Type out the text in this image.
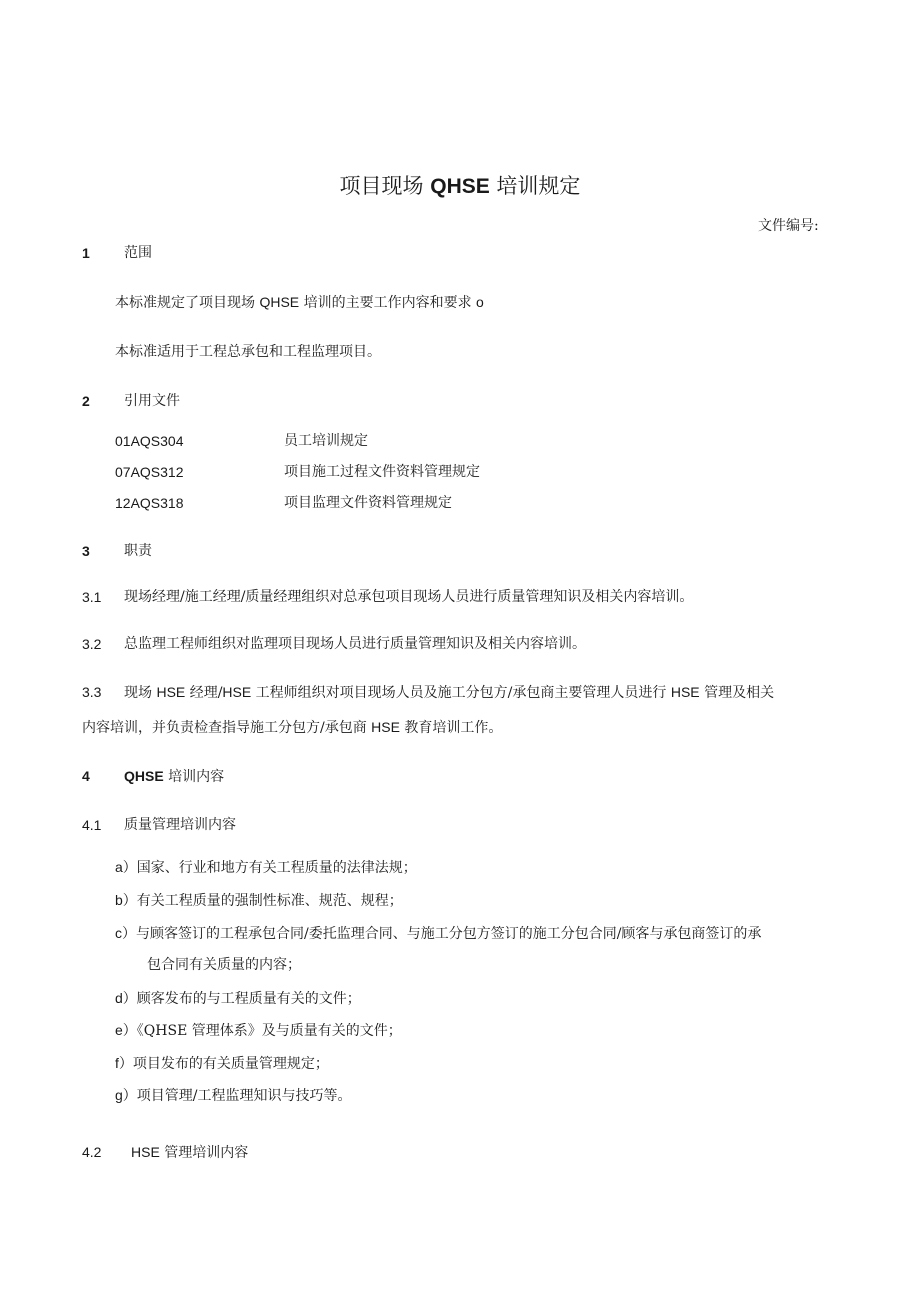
项目现场 QHSE 培训规定
文件编号:
1 范围
本标准规定了项目现场 QHSE 培训的主要工作内容和要求 o
本标准适用于工程总承包和工程监理项目。
2 引用文件
01AQS304	员工培训规定
07AQS312	项目施工过程文件资料管理规定
12AQS318	项目监理文件资料管理规定
3 职责
3.1 现场经理/施工经理/质量经理组织对总承包项目现场人员进行质量管理知识及相关内容培训。
3.2 总监理工程师组织对监理项目现场人员进行质量管理知识及相关内容培训。
3.3 现场 HSE 经理/HSE 工程师组织对项目现场人员及施工分包方/承包商主要管理人员进行 HSE 管理及相关
内容培训，并负责检查指导施工分包方/承包商 HSE 教育培训工作。
4 QHSE 培训内容
4.1 质量管理培训内容
a）国家、行业和地方有关工程质量的法律法规；
b）有关工程质量的强制性标准、规范、规程；
c）与顾客签订的工程承包合同/委托监理合同、与施工分包方签订的施工分包合同/顾客与承包商签订的承
包合同有关质量的内容；
d）顾客发布的与工程质量有关的文件；
e）《QHSE 管理体系》及与质量有关的文件；
f）项目发布的有关质量管理规定；
g）项目管理/工程监理知识与技巧等。
4.2 HSE 管理培训内容
